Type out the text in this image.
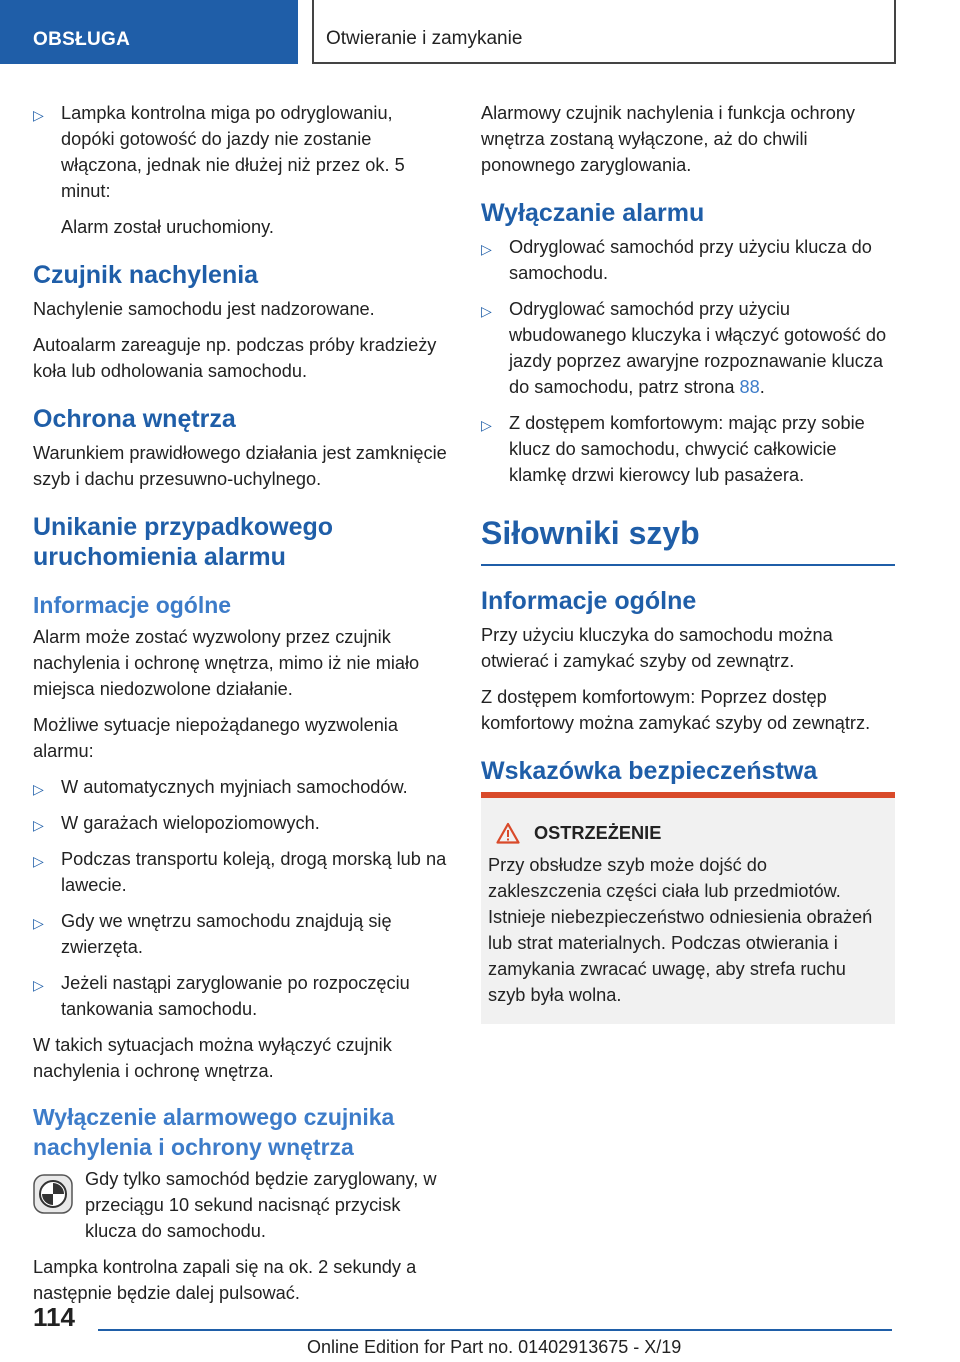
OBSŁUGA	Otwieranie i zamykanie
▷ Lampka kontrolna miga po odryglowaniu, dopóki gotowość do jazdy nie zostanie włączona, jednak nie dłużej niż przez ok. 5 minut:

Alarm został uruchomiony.

Czujnik nachylenia

Nachylenie samochodu jest nadzorowane.

Autoalarm zareaguje np. podczas próby kradzieży koła lub odholowania samochodu.

Ochrona wnętrza

Warunkiem prawidłowego działania jest zamknięcie szyb i dachu przesuwno-uchylnego.

Unikanie przypadkowego uruchomienia alarmu
Informacje ogólne

Alarm może zostać wyzwolony przez czujnik nachylenia i ochronę wnętrza, mimo iż nie miało miejsca niedozwolone działanie.

Możliwe sytuacje niepożądanego wyzwolenia alarmu:

▷ W automatycznych myjniach samochodów.
▷ W garażach wielopoziomowych.
▷ Podczas transportu koleją, drogą morską lub na lawecie.
▷ Gdy we wnętrzu samochodu znajdują się zwierzęta.
▷ Jeżeli nastąpi zaryglowanie po rozpoczęciu tankowania samochodu.

W takich sytuacjach można wyłączyć czujnik nachylenia i ochronę wnętrza.

Wyłączenie alarmowego czujnika nachylenia i ochrony wnętrza

Gdy tylko samochód będzie zaryglowany, w przeciągu 10 sekund nacisnąć przycisk klucza do samochodu.

Lampka kontrolna zapali się na ok. 2 sekundy a następnie będzie dalej pulsować.

Alarmowy czujnik nachylenia i funkcja ochrony wnętrza zostaną wyłączone, aż do chwili ponownego zaryglowania.

Wyłączanie alarmu
▷ Odryglować samochód przy użyciu klucza do samochodu.
▷ Odryglować samochód przy użyciu wbudowanego kluczyka i włączyć gotowość do jazdy poprzez awaryjne rozpoznawanie klucza do samochodu, patrz strona 88.
▷ Z dostępem komfortowym: mając przy sobie klucz do samochodu, chwycić całkowicie klamkę drzwi kierowcy lub pasażera.
Siłowniki szyb
Informacje ogólne

Przy użyciu kluczyka do samochodu można otwierać i zamykać szyby od zewnątrz.

Z dostępem komfortowym: Poprzez dostęp komfortowy można zamykać szyby od zewnątrz.

Wskazówka bezpieczeństwa
OSTRZEŻENIE

Przy obsłudze szyb może dojść do zakleszczenia części ciała lub przedmiotów. Istnieje niebezpieczeństwo odniesienia obrażeń lub strat materialnych. Podczas otwierania i zamykania zwracać uwagę, aby strefa ruchu szyb była wolna.

114
Online Edition for Part no. 01402913675 - X/19
